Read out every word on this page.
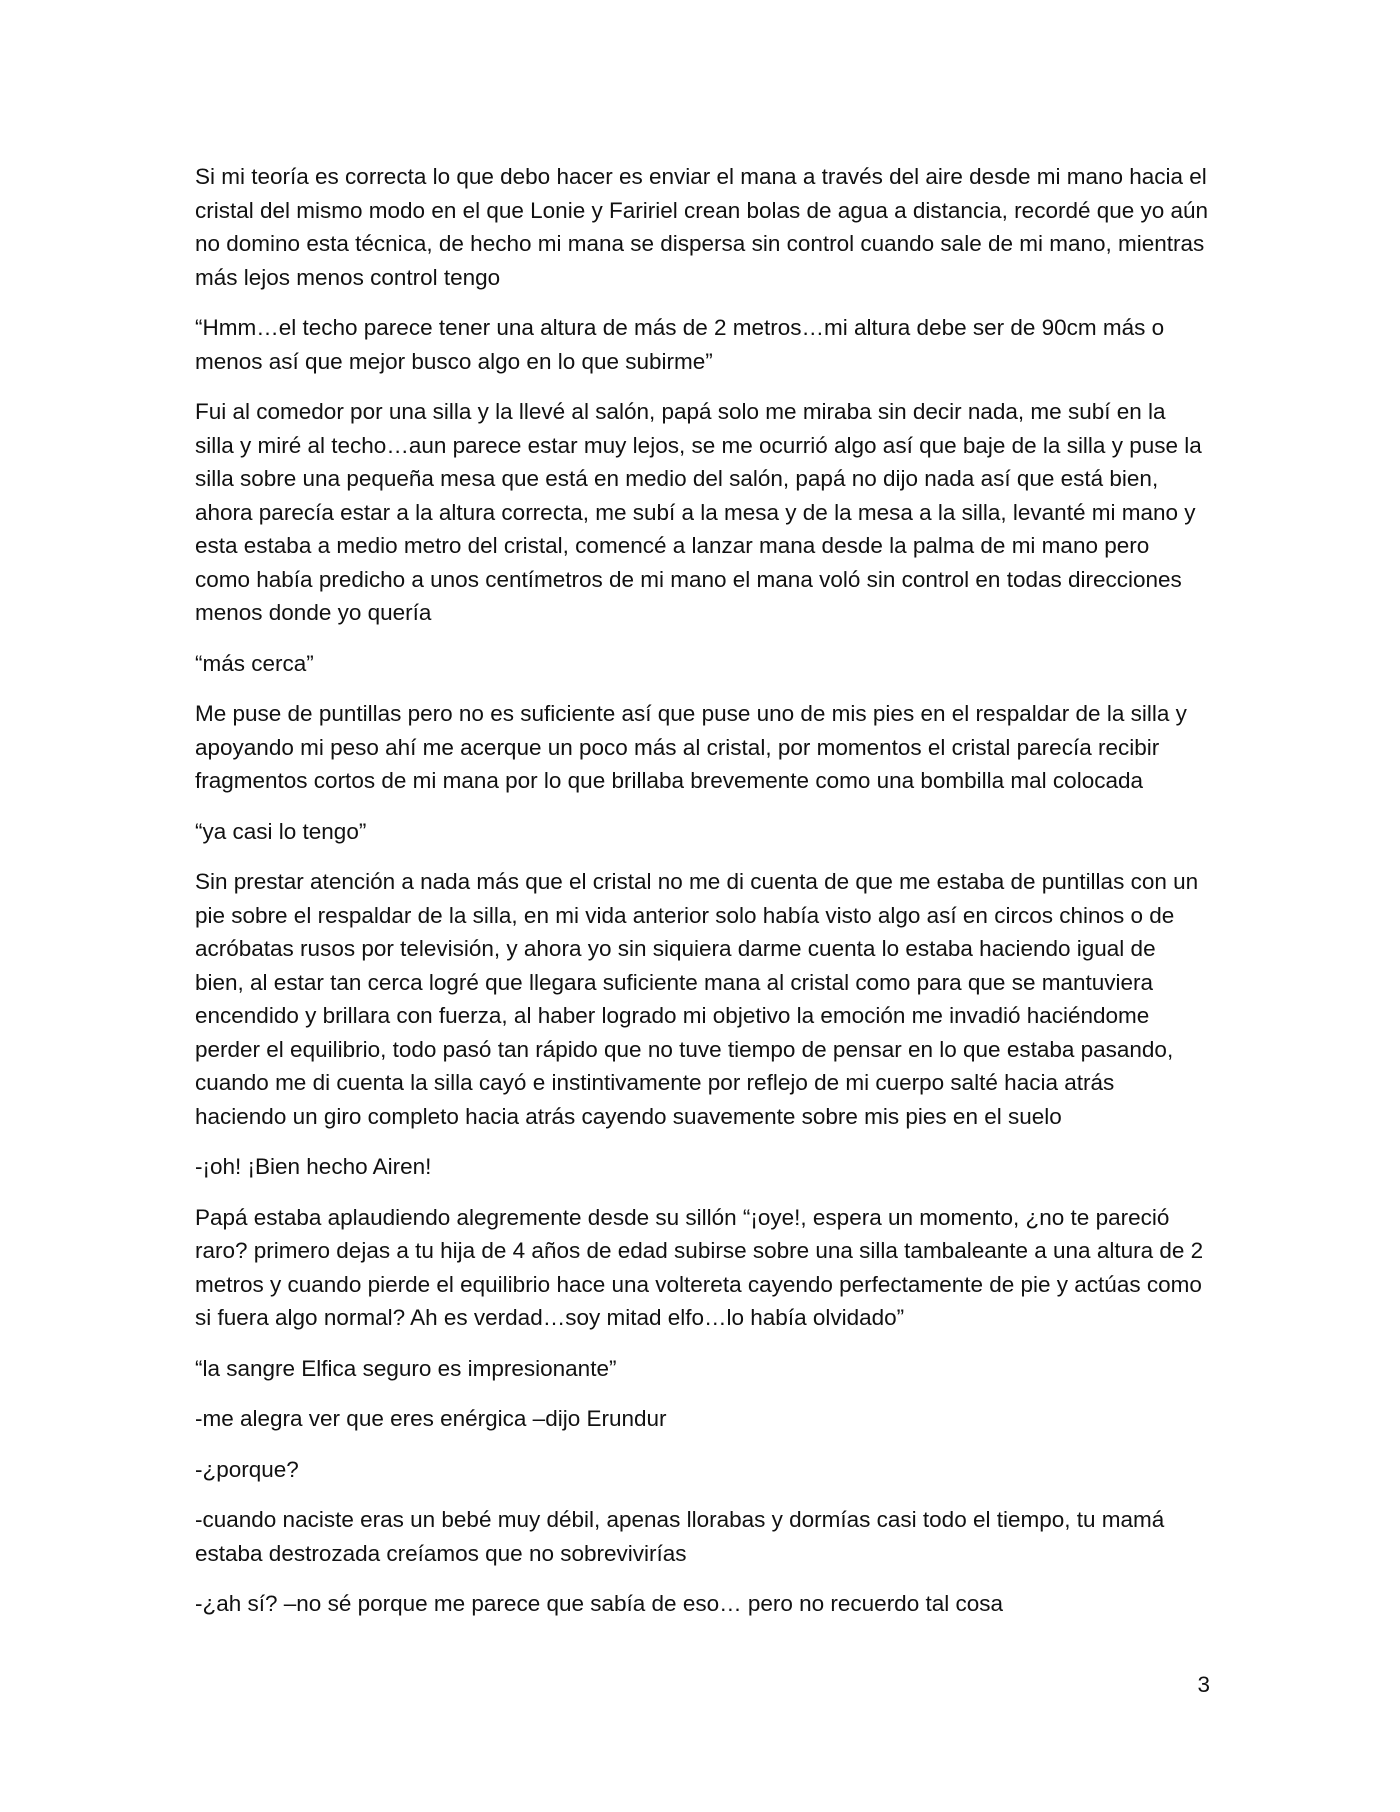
Si mi teoría es correcta lo que debo hacer es enviar el mana a través del aire desde mi mano hacia el cristal del mismo modo en el que Lonie y Faririel crean bolas de agua a distancia, recordé que yo aún no domino esta técnica, de hecho mi mana se dispersa sin control cuando sale de mi mano, mientras más lejos menos control tengo

“Hmm…el techo parece tener una altura de más de 2 metros…mi altura debe ser de 90cm más o menos así que mejor busco algo en lo que subirme”

Fui al comedor por una silla y la llevé al salón, papá solo me miraba sin decir nada, me subí en la silla y miré al techo…aun parece estar muy lejos, se me ocurrió algo así que baje de la silla y puse la silla sobre una pequeña mesa que está en medio del salón, papá no dijo nada así que está bien, ahora parecía estar a la altura correcta, me subí a la mesa y de la mesa a la silla, levanté mi mano y esta estaba a medio metro del cristal, comencé a lanzar mana desde la palma de mi mano pero como había predicho a unos centímetros de mi mano el mana voló sin control en todas direcciones menos donde yo quería

“más cerca”

Me puse de puntillas pero no es suficiente así que puse uno de mis pies en el respaldar de la silla y apoyando mi peso ahí me acerque un poco más al cristal, por momentos el cristal parecía recibir fragmentos cortos de mi mana por lo que brillaba brevemente como una bombilla mal colocada

“ya casi lo tengo”

Sin prestar atención a nada más que el cristal no me di cuenta de que me estaba de puntillas con un pie sobre el respaldar de la silla, en mi vida anterior solo había visto algo así en circos chinos o de acróbatas rusos por televisión, y ahora yo sin siquiera darme cuenta lo estaba haciendo igual de bien, al estar tan cerca logré que llegara suficiente mana al cristal como para que se mantuviera encendido y brillara con fuerza, al haber logrado mi objetivo la emoción me invadió haciéndome perder el equilibrio, todo pasó tan rápido que no tuve tiempo de pensar en lo que estaba pasando, cuando me di cuenta la silla cayó e instintivamente por reflejo de mi cuerpo salté hacia atrás haciendo un giro completo hacia atrás cayendo suavemente sobre mis pies en el suelo

-¡oh! ¡Bien hecho Airen!

Papá estaba aplaudiendo alegremente desde su sillón “¡oye!, espera un momento, ¿no te pareció raro? primero dejas a tu hija de 4 años de edad subirse sobre una silla tambaleante a una altura de 2 metros y cuando pierde el equilibrio hace una voltereta cayendo perfectamente de pie y actúas como si fuera algo normal? Ah es verdad…soy mitad elfo…lo había olvidado”

“la sangre Elfica seguro es impresionante”

-me alegra ver que eres enérgica –dijo Erundur

-¿porque?

-cuando naciste eras un bebé muy débil, apenas llorabas y dormías casi todo el tiempo, tu mamá estaba destrozada creíamos que no sobrevivirías

-¿ah sí? –no sé porque me parece que sabía de eso… pero no recuerdo tal cosa

3
